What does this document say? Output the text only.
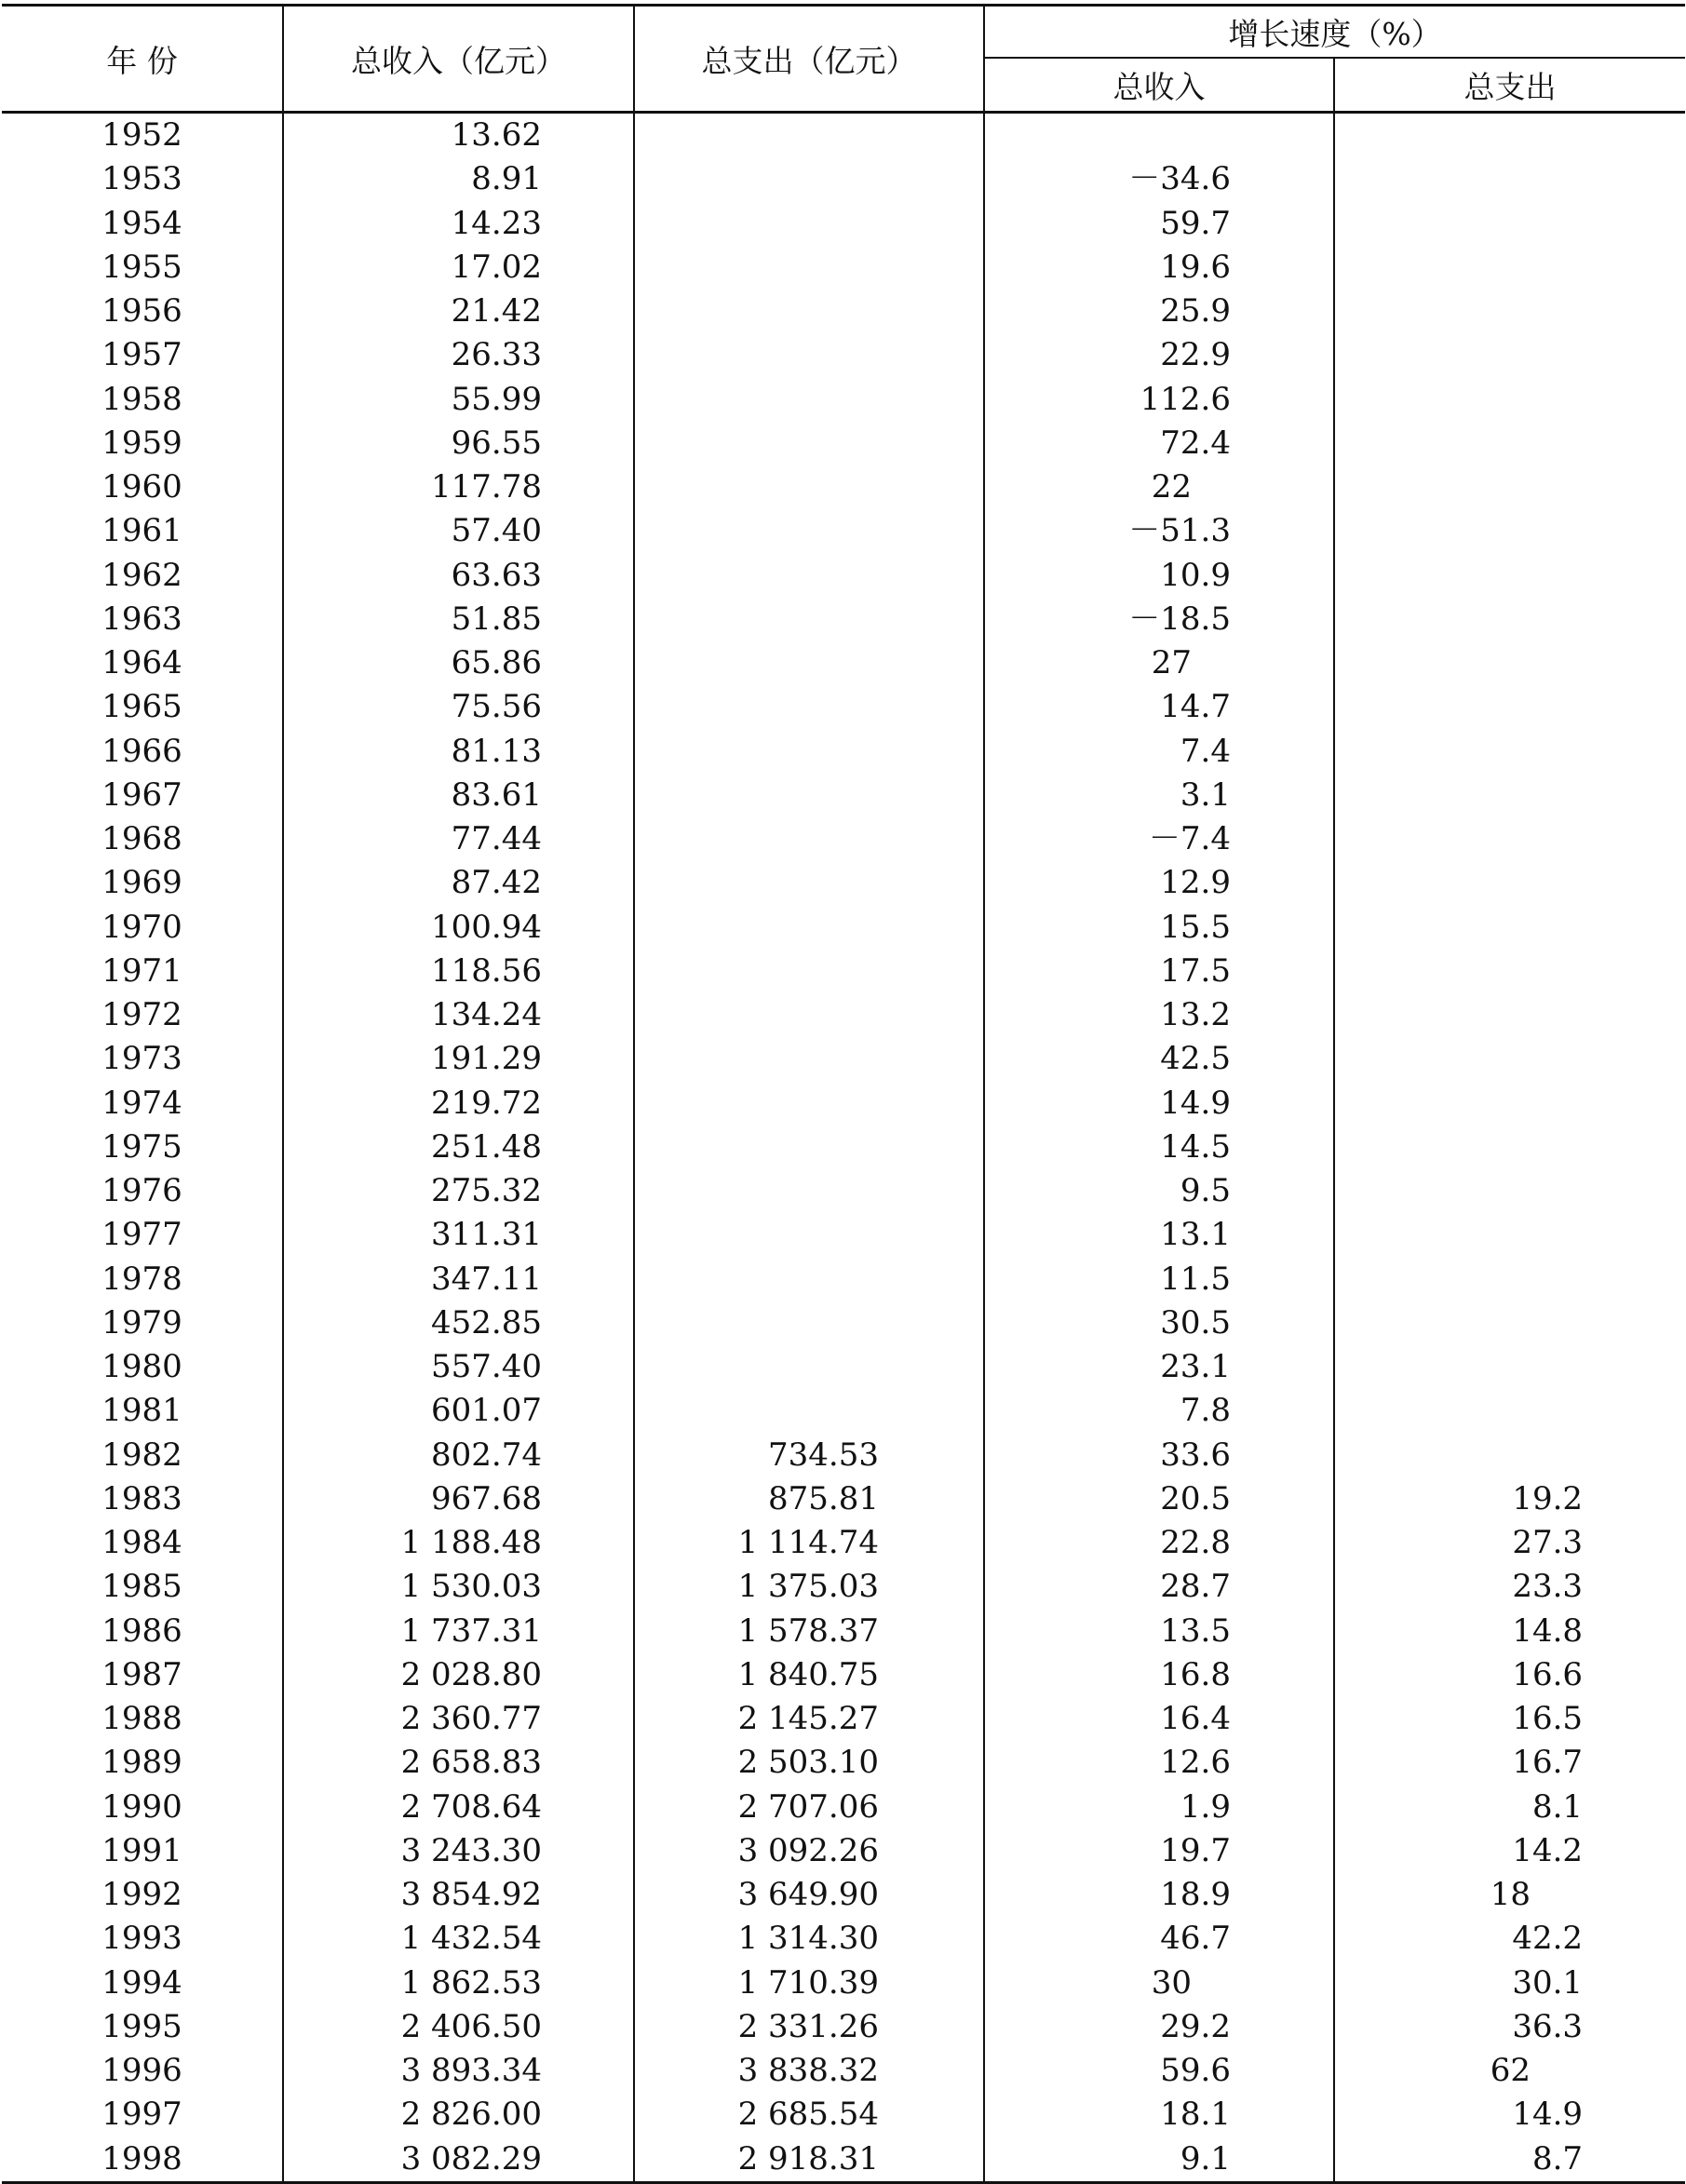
年 份	总收入（亿元）	总支出（亿元）	增长速度（%）	
			总收入	总支出
1952	13.62			
1953	8.91		－34.6	
1954	14.23		59.7	
1955	17.02		19.6	
1956	21.42		25.9	
1957	26.33		22.9	
1958	55.99		112.6	
1959	96.55		72.4	
1960	117.78		22	
1961	57.40		－51.3	
1962	63.63		10.9	
1963	51.85		－18.5	
1964	65.86		27	
1965	75.56		14.7	
1966	81.13		7.4	
1967	83.61		3.1	
1968	77.44		－7.4	
1969	87.42		12.9	
1970	100.94		15.5	
1971	118.56		17.5	
1972	134.24		13.2	
1973	191.29		42.5	
1974	219.72		14.9	
1975	251.48		14.5	
1976	275.32		9.5	
1977	311.31		13.1	
1978	347.11		11.5	
1979	452.85		30.5	
1980	557.40		23.1	
1981	601.07		7.8	
1982	802.74	734.53	33.6	
1983	967.68	875.81	20.5	19.2
1984	1 188.48	1 114.74	22.8	27.3
1985	1 530.03	1 375.03	28.7	23.3
1986	1 737.31	1 578.37	13.5	14.8
1987	2 028.80	1 840.75	16.8	16.6
1988	2 360.77	2 145.27	16.4	16.5
1989	2 658.83	2 503.10	12.6	16.7
1990	2 708.64	2 707.06	1.9	8.1
1991	3 243.30	3 092.26	19.7	14.2
1992	3 854.92	3 649.90	18.9	18
1993	1 432.54	1 314.30	46.7	42.2
1994	1 862.53	1 710.39	30	30.1
1995	2 406.50	2 331.26	29.2	36.3
1996	3 893.34	3 838.32	59.6	62
1997	2 826.00	2 685.54	18.1	14.9
1998	3 082.29	2 918.31	9.1	8.7
